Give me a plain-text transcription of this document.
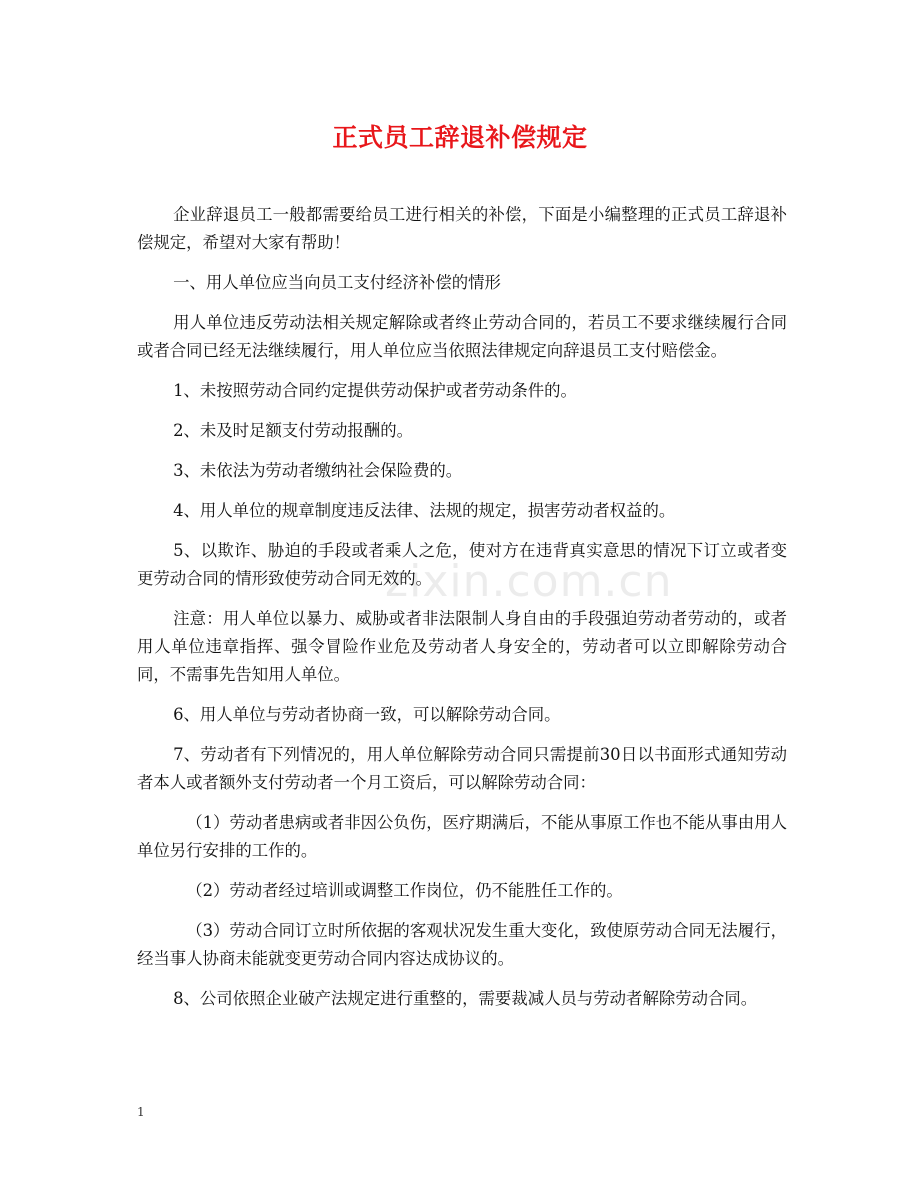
正式员工辞退补偿规定
zixin.com.cn

企业辞退员工一般都需要给员工进行相关的补偿，下面是小编整理的正式员工辞退补偿规定，希望对大家有帮助！

一、用人单位应当向员工支付经济补偿的情形

用人单位违反劳动法相关规定解除或者终止劳动合同的，若员工不要求继续履行合同或者合同已经无法继续履行，用人单位应当依照法律规定向辞退员工支付赔偿金。

1、未按照劳动合同约定提供劳动保护或者劳动条件的。

2、未及时足额支付劳动报酬的。

3、未依法为劳动者缴纳社会保险费的。

4、用人单位的规章制度违反法律、法规的规定，损害劳动者权益的。

5、以欺诈、胁迫的手段或者乘人之危，使对方在违背真实意思的情况下订立或者变更劳动合同的情形致使劳动合同无效的。

注意：用人单位以暴力、威胁或者非法限制人身自由的手段强迫劳动者劳动的，或者用人单位违章指挥、强令冒险作业危及劳动者人身安全的，劳动者可以立即解除劳动合同，不需事先告知用人单位。

6、用人单位与劳动者协商一致，可以解除劳动合同。

7、劳动者有下列情况的，用人单位解除劳动合同只需提前30日以书面形式通知劳动者本人或者额外支付劳动者一个月工资后，可以解除劳动合同：

（1）劳动者患病或者非因公负伤，医疗期满后，不能从事原工作也不能从事由用人单位另行安排的工作的。

（2）劳动者经过培训或调整工作岗位，仍不能胜任工作的。

（3）劳动合同订立时所依据的客观状况发生重大变化，致使原劳动合同无法履行，经当事人协商未能就变更劳动合同内容达成协议的。

8、公司依照企业破产法规定进行重整的，需要裁减人员与劳动者解除劳动合同。

1
